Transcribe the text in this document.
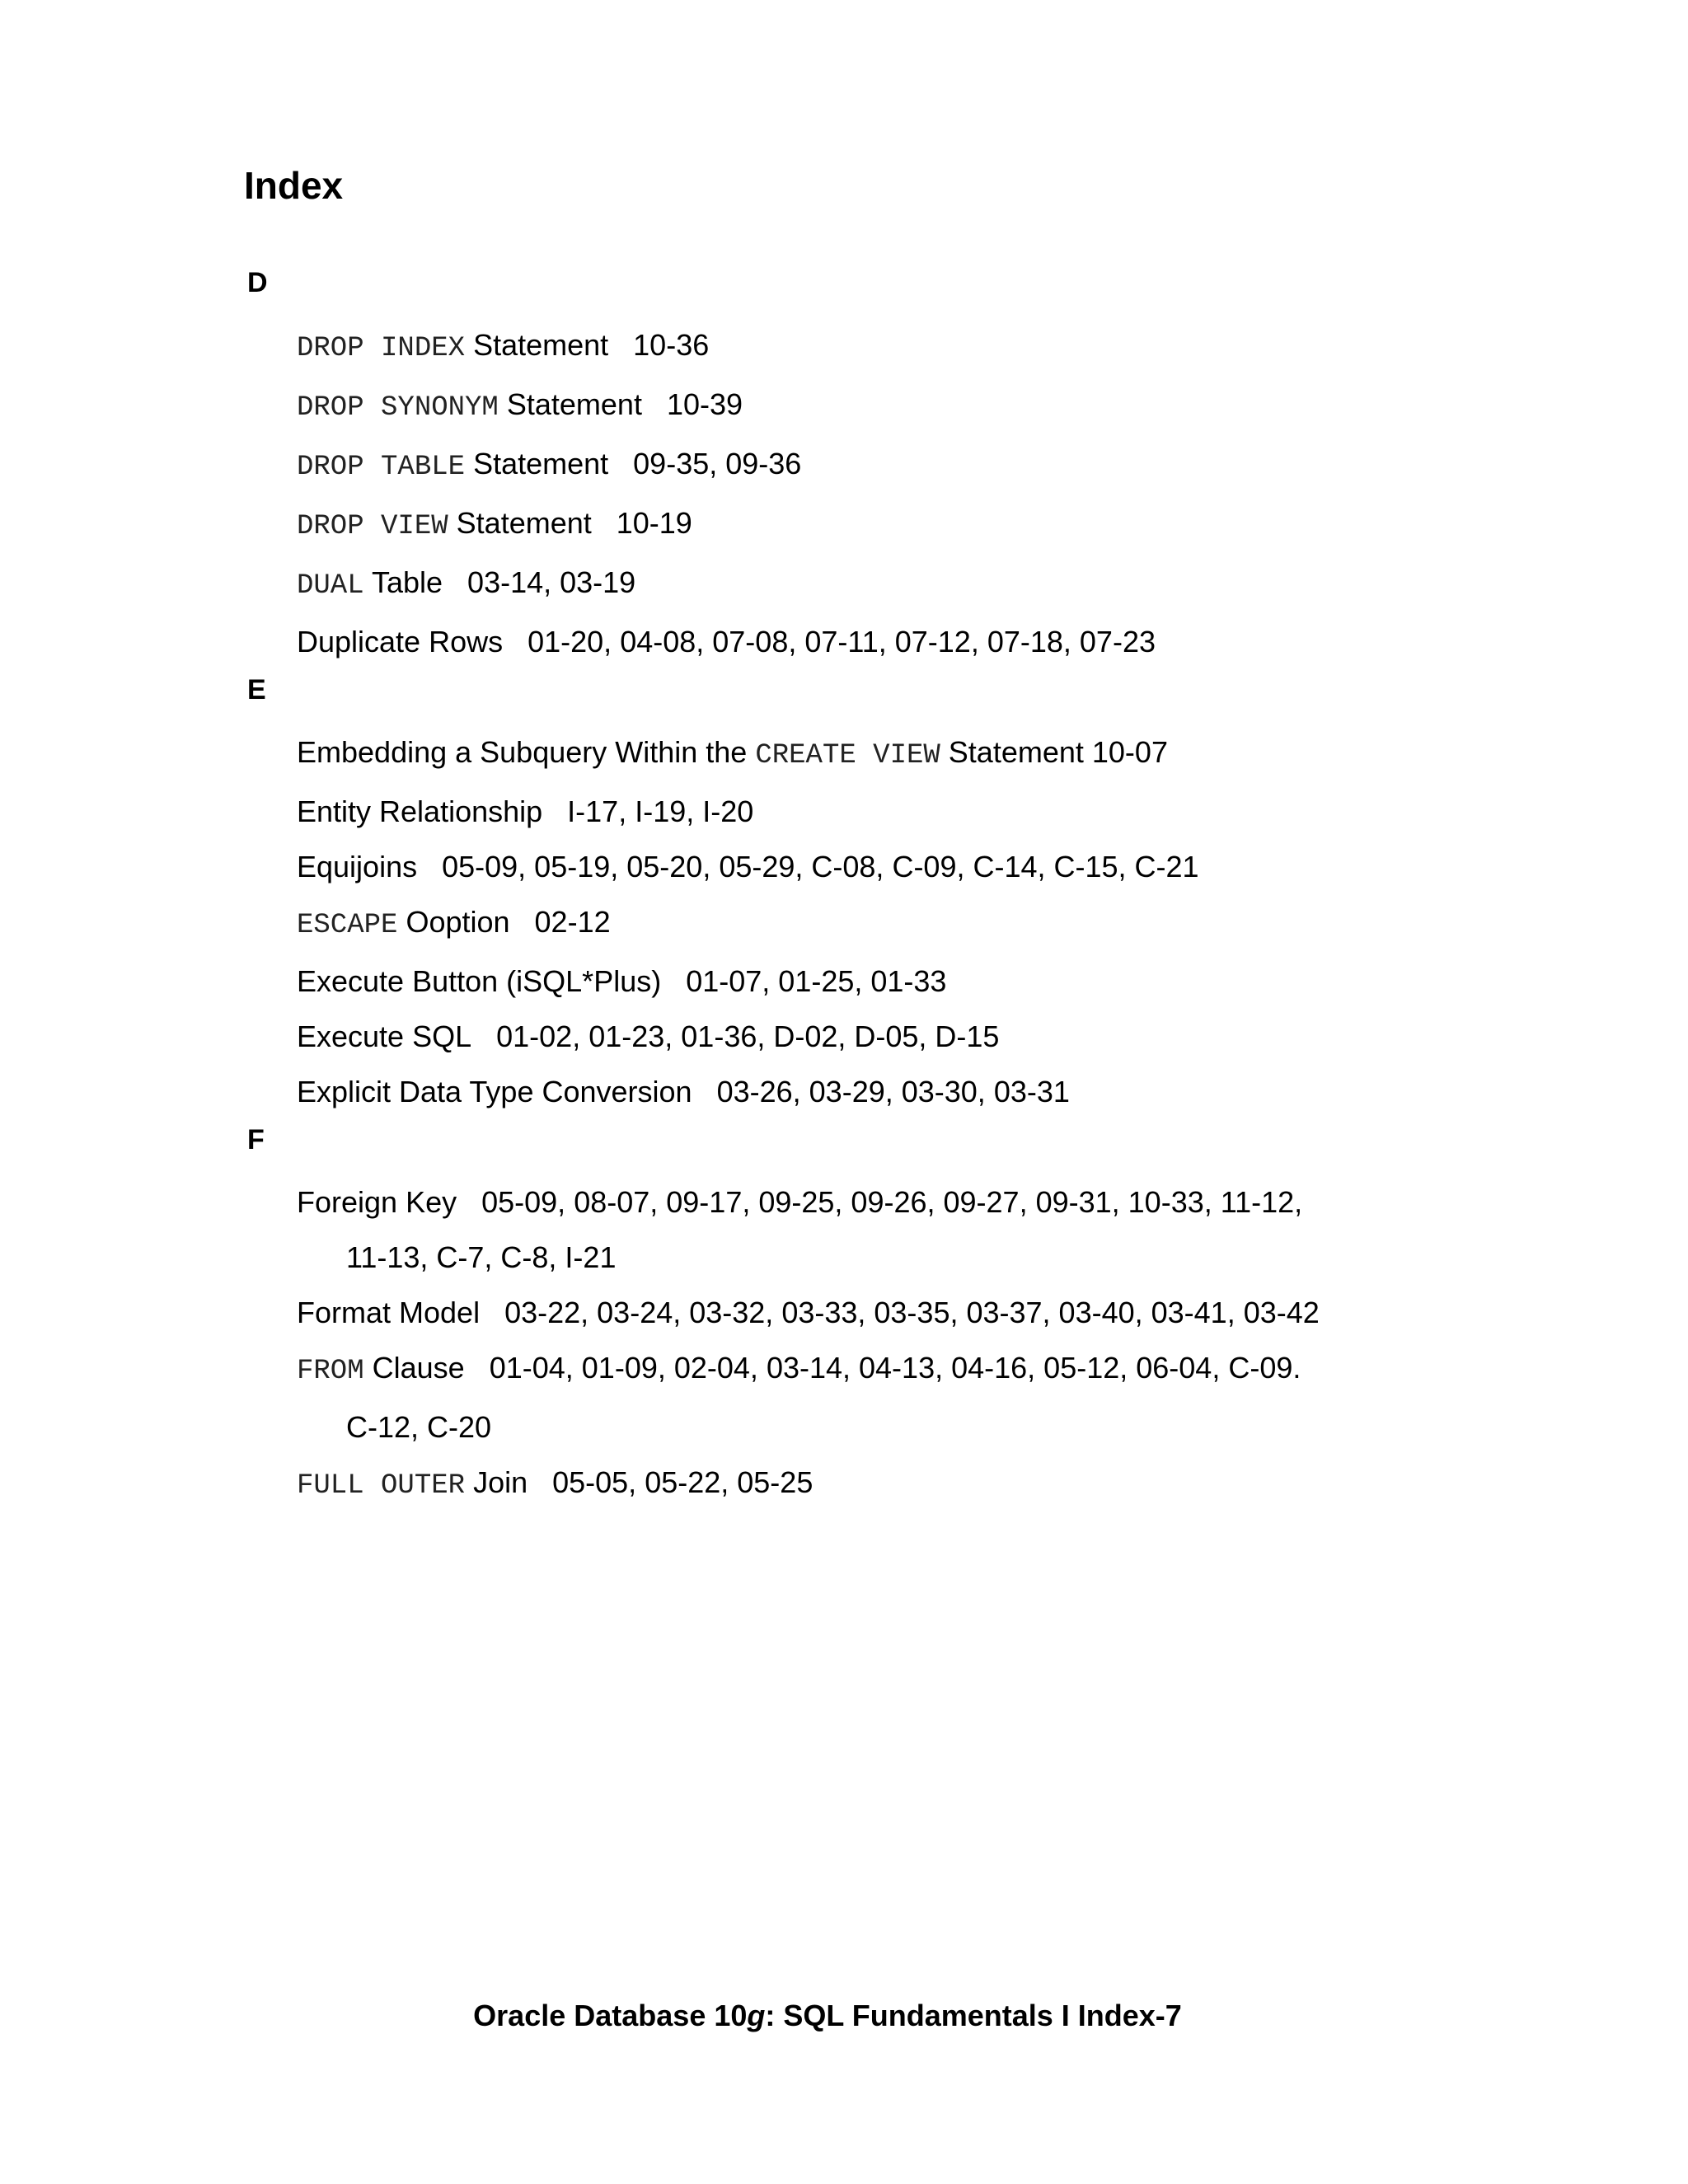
Index
D
DROP INDEX Statement 10-36
DROP SYNONYM Statement 10-39
DROP TABLE Statement 09-35, 09-36
DROP VIEW Statement 10-19
DUAL Table 03-14, 03-19
Duplicate Rows 01-20, 04-08, 07-08, 07-11, 07-12, 07-18, 07-23
E
Embedding a Subquery Within the CREATE VIEW Statement 10-07
Entity Relationship I-17, I-19, I-20
Equijoins 05-09, 05-19, 05-20, 05-29, C-08, C-09, C-14, C-15, C-21
ESCAPE Ooption 02-12
Execute Button (iSQL*Plus) 01-07, 01-25, 01-33
Execute SQL 01-02, 01-23, 01-36, D-02, D-05, D-15
Explicit Data Type Conversion 03-26, 03-29, 03-30, 03-31
F
Foreign Key 05-09, 08-07, 09-17, 09-25, 09-26, 09-27, 09-31, 10-33, 11-12,
11-13, C-7, C-8, I-21
Format Model 03-22, 03-24, 03-32, 03-33, 03-35, 03-37, 03-40, 03-41, 03-42
FROM Clause 01-04, 01-09, 02-04, 03-14, 04-13, 04-16, 05-12, 06-04, C-09.
C-12, C-20
FULL OUTER Join 05-05, 05-22, 05-25
Oracle Database 10g: SQL Fundamentals I Index-7
